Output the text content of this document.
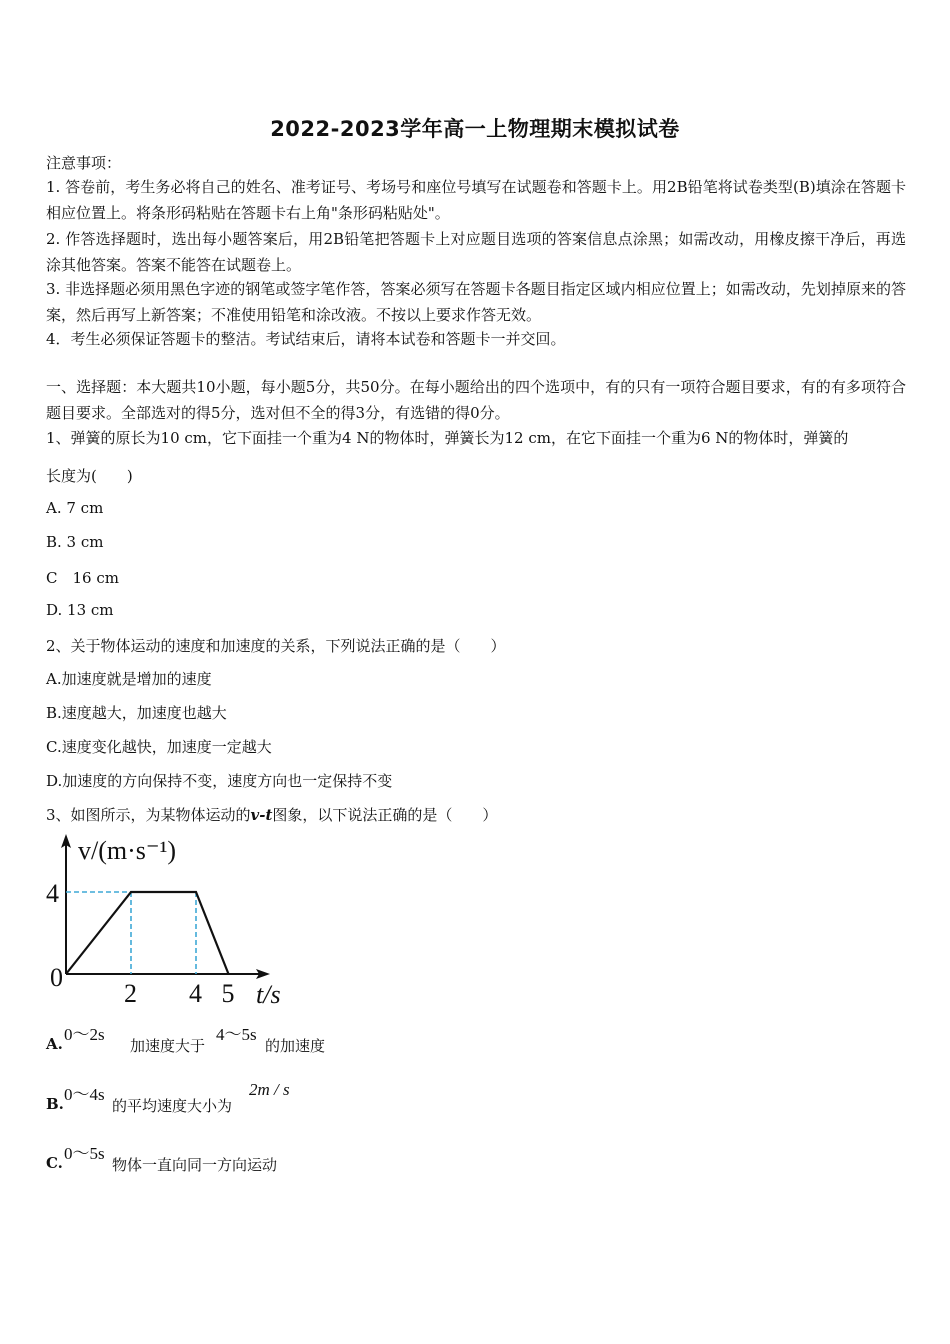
2022-2023学年高一上物理期末模拟试卷
注意事项：
1. 答卷前，考生务必将自己的姓名、准考证号、考场号和座位号填写在试题卷和答题卡上。用2B铅笔将试卷类型(B)填涂在答题卡相应位置上。将条形码粘贴在答题卡右上角"条形码粘贴处"。
2. 作答选择题时，选出每小题答案后，用2B铅笔把答题卡上对应题目选项的答案信息点涂黑；如需改动，用橡皮擦干净后，再选涂其他答案。答案不能答在试题卷上。
3. 非选择题必须用黑色字迹的钢笔或签字笔作答，答案必须写在答题卡各题目指定区域内相应位置上；如需改动，先划掉原来的答案，然后再写上新答案；不准使用铅笔和涂改液。不按以上要求作答无效。
4．考生必须保证答题卡的整洁。考试结束后，请将本试卷和答题卡一并交回。
一、选择题：本大题共10小题，每小题5分，共50分。在每小题给出的四个选项中，有的只有一项符合题目要求，有的有多项符合题目要求。全部选对的得5分，选对但不全的得3分，有选错的得0分。
1、弹簧的原长为10 cm，它下面挂一个重为4 N的物体时，弹簧长为12 cm，在它下面挂一个重为6 N的物体时，弹簧的
长度为(　　)
A. 7 cm
B. 3 cm
C　16 cm
D. 13 cm
2、关于物体运动的速度和加速度的关系，下列说法正确的是（　　）
A.加速度就是增加的速度
B.速度越大，加速度也越大
C.速度变化越快，加速度一定越大
D.加速度的方向保持不变，速度方向也一定保持不变
3、如图所示，为某物体运动的v-t图象，以下说法正确的是（　　）
0
2 4 5
4
t/s
v/(m·s⁻¹)
A. 0～2s
加速度大于
4～5s
的加速度
B. 0～4s
的平均速度大小为
2m / s
C. 0～5s
物体一直向同一方向运动
